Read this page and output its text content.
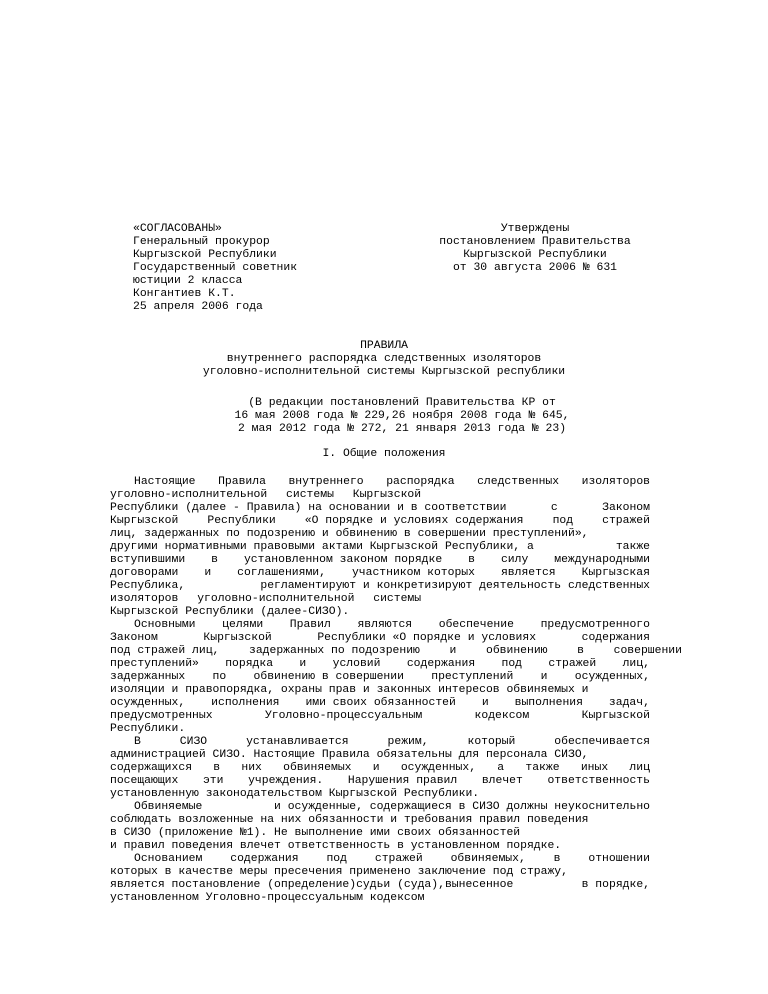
«СОГЛАСОВАНЫ»
Генеральный прокурор
Кыргызской Республики
Государственный советник
юстиции 2 класса
Конгантиев К.Т.
25 апреля 2006 года
Утверждены
постановлением Правительства
Кыргызской Республики
от 30 августа 2006 № 631
ПРАВИЛА
внутреннего распорядка следственных изоляторов
уголовно-исполнительной системы Кыргызской республики
(В редакции постановлений Правительства КР от
16 мая 2008 года № 229,26 ноября 2008 года № 645,
2 мая 2012 года № 272, 21 января 2013 года № 23)
I. Общие положения
Настоящие Правила внутреннего распорядка следственных изоляторов
уголовно-исполнительной системы Кыргызской
Республики (далее - Правила) на основании и в соответствии	с	Законом
Кыргызской	Республики	«О порядке и условиях содержания	под	стражей
лиц, задержанных по подозрению и обвинению в совершении преступлений»,
другими нормативными правовыми актами Кыргызской Республики, а	также
вступившими в установленном законом порядке в силу международными
договорами и соглашениями, участником которых является Кыргызская
Республика,	регламентируют и конкретизируют деятельность следственных
изоляторов уголовно-исполнительной системы
Кыргызской Республики (далее-СИЗО).
Основными целями Правил являются обеспечение предусмотренного
Законом	Кыргызской	Республики «О порядке и условиях	содержания
под стражей лиц,	задержанных по подозрению	и	обвинению	в	совершении
преступлений» порядка и условий содержания под стражей лиц,
задержанных по обвинению в совершении преступлений и осужденных,
изоляции и правопорядка, охраны прав и законных интересов обвиняемых и
осужденных, исполнения ими своих обязанностей и выполнения задач,
предусмотренных	Уголовно-процессуальным	кодексом	Кыргызской
Республики.
В	СИЗО	устанавливается	режим,	который	обеспечивается
администрацией СИЗО. Настоящие Правила обязательны для персонала СИЗО,
содержащихся в них обвиняемых и осужденных, а также иных лиц
посещающих эти учреждения. Нарушения правил влечет ответственность
установленную законодательством Кыргызской Республики.
Обвиняемые	и осужденные, содержащиеся в СИЗО должны неукоснительно
соблюдать возложенные на них обязанности и требования правил поведения
в СИЗО (приложение №1). Не выполнение ими своих обязанностей
и правил поведения влечет ответственность в установленном порядке.
Основанием содержания под стражей обвиняемых, в отношении
которых в качестве меры пресечения применено заключение под стражу,
является постановление (определение)судьи (суда),вынесенное	в порядке,
установленном Уголовно-процессуальным кодексом
